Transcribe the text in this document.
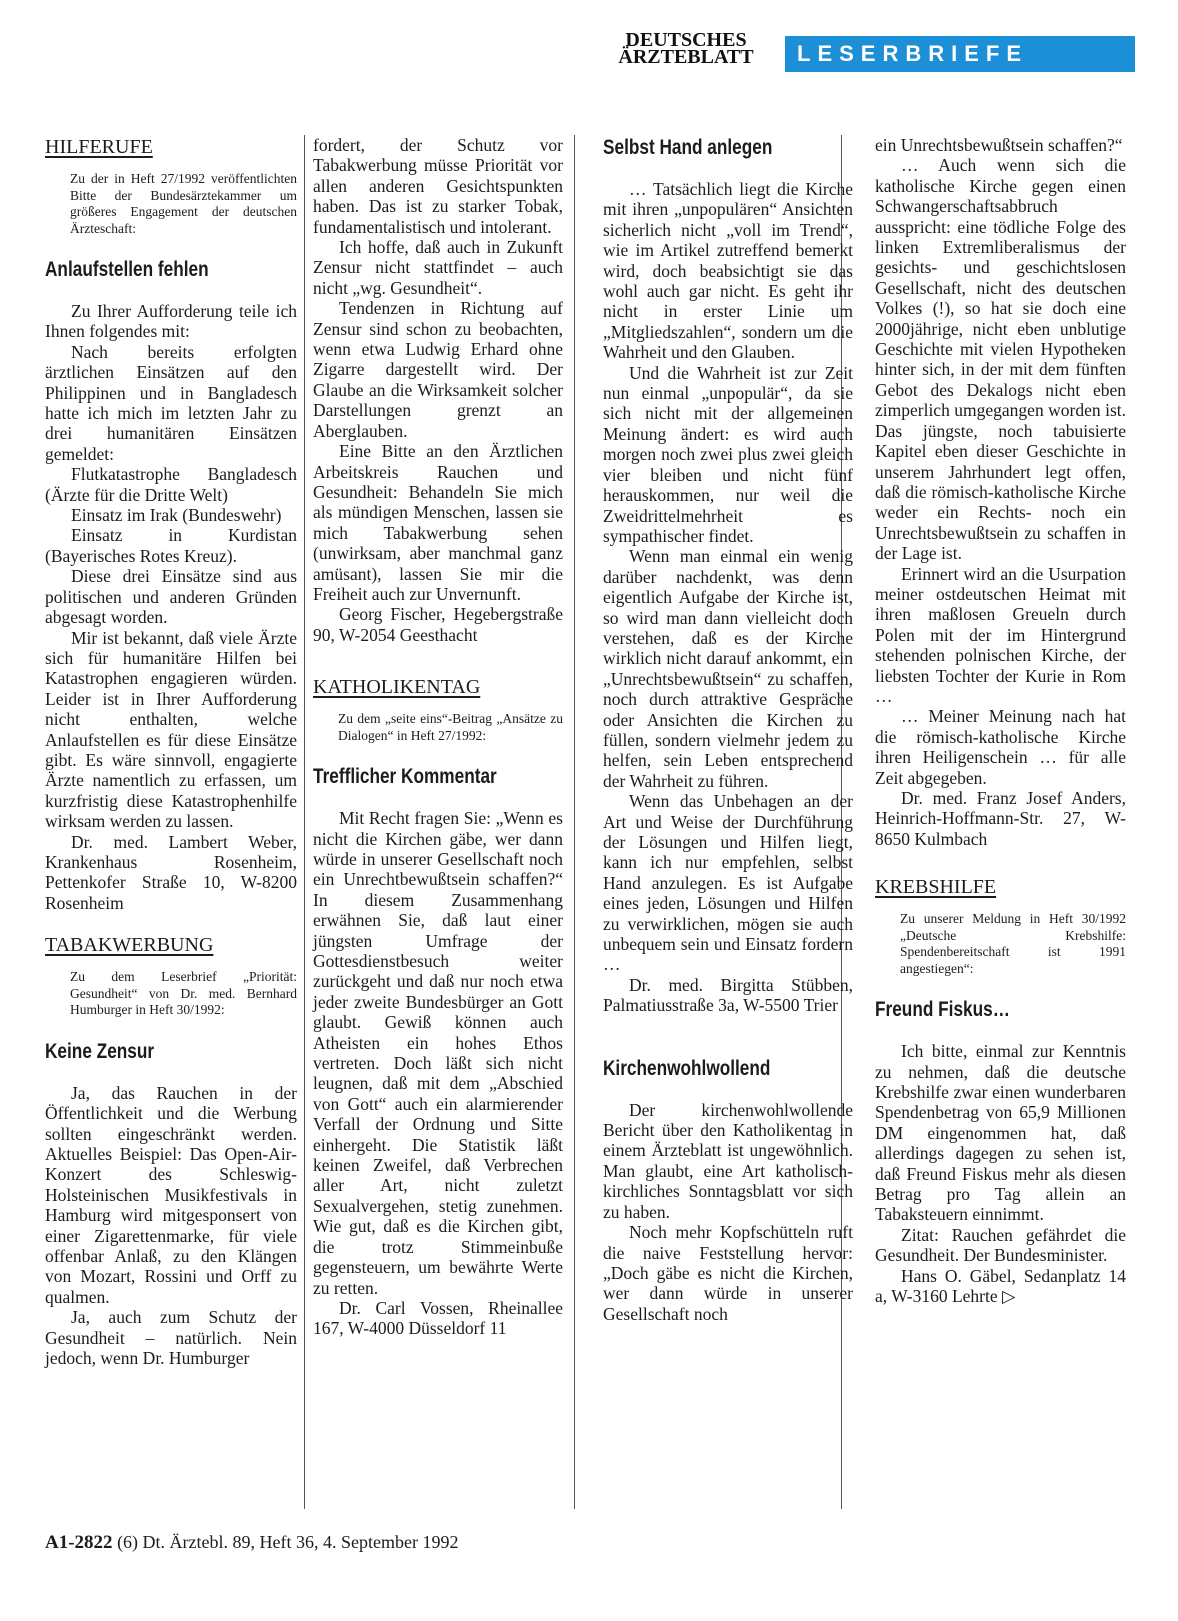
DEUTSCHES
ÄRZTEBLATT	LESERBRIEFE
HILFERUFE
Zu der in Heft 27/1992 veröffentlichten Bitte der Bundesärztekammer um größeres Engagement der deutschen Ärzteschaft:
Anlaufstellen fehlen

Zu Ihrer Aufforderung teile ich Ihnen folgendes mit:

Nach bereits erfolgten ärztlichen Einsätzen auf den Philippinen und in Bangladesch hatte ich mich im letzten Jahr zu drei humanitären Einsätzen gemeldet:

Flutkatastrophe Bangladesch (Ärzte für die Dritte Welt)

Einsatz im Irak (Bundeswehr)

Einsatz in Kurdistan (Bayerisches Rotes Kreuz).

Diese drei Einsätze sind aus politischen und anderen Gründen abgesagt worden.

Mir ist bekannt, daß viele Ärzte sich für humanitäre Hilfen bei Katastrophen engagieren würden. Leider ist in Ihrer Aufforderung nicht enthalten, welche Anlaufstellen es für diese Einsätze gibt. Es wäre sinnvoll, engagierte Ärzte namentlich zu erfassen, um kurzfristig diese Katastrophenhilfe wirksam werden zu lassen.

Dr. med. Lambert Weber, Krankenhaus Rosenheim, Pettenkofer Straße 10, W-8200 Rosenheim

TABAKWERBUNG
Zu dem Leserbrief „Priorität: Gesundheit“ von Dr. med. Bernhard Humburger in Heft 30/1992:
Keine Zensur

Ja, das Rauchen in der Öffentlichkeit und die Werbung sollten eingeschränkt werden. Aktuelles Beispiel: Das Open-Air-Konzert des Schleswig-Holsteinischen Musikfestivals in Hamburg wird mitgesponsert von einer Zigarettenmarke, für viele offenbar Anlaß, zu den Klängen von Mozart, Rossini und Orff zu qualmen.

Ja, auch zum Schutz der Gesundheit – natürlich. Nein jedoch, wenn Dr. Humburger

fordert, der Schutz vor Tabakwerbung müsse Priorität vor allen anderen Gesichtspunkten haben. Das ist zu starker Tobak, fundamentalistisch und intolerant.

Ich hoffe, daß auch in Zukunft Zensur nicht stattfindet – auch nicht „wg. Gesundheit“.

Tendenzen in Richtung auf Zensur sind schon zu beobachten, wenn etwa Ludwig Erhard ohne Zigarre dargestellt wird. Der Glaube an die Wirksamkeit solcher Darstellungen grenzt an Aberglauben.

Eine Bitte an den Ärztlichen Arbeitskreis Rauchen und Gesundheit: Behandeln Sie mich als mündigen Menschen, lassen sie mich Tabakwerbung sehen (unwirksam, aber manchmal ganz amüsant), lassen Sie mir die Freiheit auch zur Unvernunft.

Georg Fischer, Hegebergstraße 90, W-2054 Geesthacht

KATHOLIKENTAG
Zu dem „seite eins“-Beitrag „Ansätze zu Dialogen“ in Heft 27/1992:
Trefflicher Kommentar

Mit Recht fragen Sie: „Wenn es nicht die Kirchen gäbe, wer dann würde in unserer Gesellschaft noch ein Unrechtbewußtsein schaffen?“ In diesem Zusammenhang erwähnen Sie, daß laut einer jüngsten Umfrage der Gottesdienstbesuch weiter zurückgeht und daß nur noch etwa jeder zweite Bundesbürger an Gott glaubt. Gewiß können auch Atheisten ein hohes Ethos vertreten. Doch läßt sich nicht leugnen, daß mit dem „Abschied von Gott“ auch ein alarmierender Verfall der Ordnung und Sitte einhergeht. Die Statistik läßt keinen Zweifel, daß Verbrechen aller Art, nicht zuletzt Sexualvergehen, stetig zunehmen. Wie gut, daß es die Kirchen gibt, die trotz Stimmeinbuße gegensteuern, um bewährte Werte zu retten.

Dr. Carl Vossen, Rheinallee 167, W-4000 Düsseldorf 11

Selbst Hand anlegen

… Tatsächlich liegt die Kirche mit ihren „unpopulären“ Ansichten sicherlich nicht „voll im Trend“, wie im Artikel zutreffend bemerkt wird, doch beabsichtigt sie das wohl auch gar nicht. Es geht ihr nicht in erster Linie um „Mitgliedszahlen“, sondern um die Wahrheit und den Glauben.

Und die Wahrheit ist zur Zeit nun einmal „unpopulär“, da sie sich nicht mit der allgemeinen Meinung ändert: es wird auch morgen noch zwei plus zwei gleich vier bleiben und nicht fünf herauskommen, nur weil die Zweidrittelmehrheit es sympathischer findet.

Wenn man einmal ein wenig darüber nachdenkt, was denn eigentlich Aufgabe der Kirche ist, so wird man dann vielleicht doch verstehen, daß es der Kirche wirklich nicht darauf ankommt, ein „Unrechtsbewußtsein“ zu schaffen, noch durch attraktive Gespräche oder Ansichten die Kirchen zu füllen, sondern vielmehr jedem zu helfen, sein Leben entsprechend der Wahrheit zu führen.

Wenn das Unbehagen an der Art und Weise der Durchführung der Lösungen und Hilfen liegt, kann ich nur empfehlen, selbst Hand anzulegen. Es ist Aufgabe eines jeden, Lösungen und Hilfen zu verwirklichen, mögen sie auch unbequem sein und Einsatz fordern …

Dr. med. Birgitta Stübben, Palmatiusstraße 3a, W-5500 Trier

Kirchenwohlwollend

Der kirchenwohlwollende Bericht über den Katholikentag in einem Ärzteblatt ist ungewöhnlich. Man glaubt, eine Art katholisch-kirchliches Sonntagsblatt vor sich zu haben.

Noch mehr Kopfschütteln ruft die naive Feststellung hervor: „Doch gäbe es nicht die Kirchen, wer dann würde in unserer Gesellschaft noch

ein Unrechtsbewußtsein schaffen?“

… Auch wenn sich die katholische Kirche gegen einen Schwangerschaftsabbruch ausspricht: eine tödliche Folge des linken Extremliberalismus der gesichts- und geschichtslosen Gesellschaft, nicht des deutschen Volkes (!), so hat sie doch eine 2000jährige, nicht eben unblutige Geschichte mit vielen Hypotheken hinter sich, in der mit dem fünften Gebot des Dekalogs nicht eben zimperlich umgegangen worden ist. Das jüngste, noch tabuisierte Kapitel eben dieser Geschichte in unserem Jahrhundert legt offen, daß die römisch-katholische Kirche weder ein Rechts- noch ein Unrechtsbewußtsein zu schaffen in der Lage ist.

Erinnert wird an die Usurpation meiner ostdeutschen Heimat mit ihren maßlosen Greueln durch Polen mit der im Hintergrund stehenden polnischen Kirche, der liebsten Tochter der Kurie in Rom …

… Meiner Meinung nach hat die römisch-katholische Kirche ihren Heiligenschein … für alle Zeit abgegeben.

Dr. med. Franz Josef Anders, Heinrich-Hoffmann-Str. 27, W-8650 Kulmbach

KREBSHILFE
Zu unserer Meldung in Heft 30/1992 „Deutsche Krebshilfe: Spendenbereitschaft ist 1991 angestiegen“:
Freund Fiskus…

Ich bitte, einmal zur Kenntnis zu nehmen, daß die deutsche Krebshilfe zwar einen wunderbaren Spendenbetrag von 65,9 Millionen DM eingenommen hat, daß allerdings dagegen zu sehen ist, daß Freund Fiskus mehr als diesen Betrag pro Tag allein an Tabaksteuern einnimmt.

Zitat: Rauchen gefährdet die Gesundheit. Der Bundesminister.

Hans O. Gäbel, Sedanplatz 14 a, W-3160 Lehrte ▷

A1-2822 (6) Dt. Ärztebl. 89, Heft 36, 4. September 1992
